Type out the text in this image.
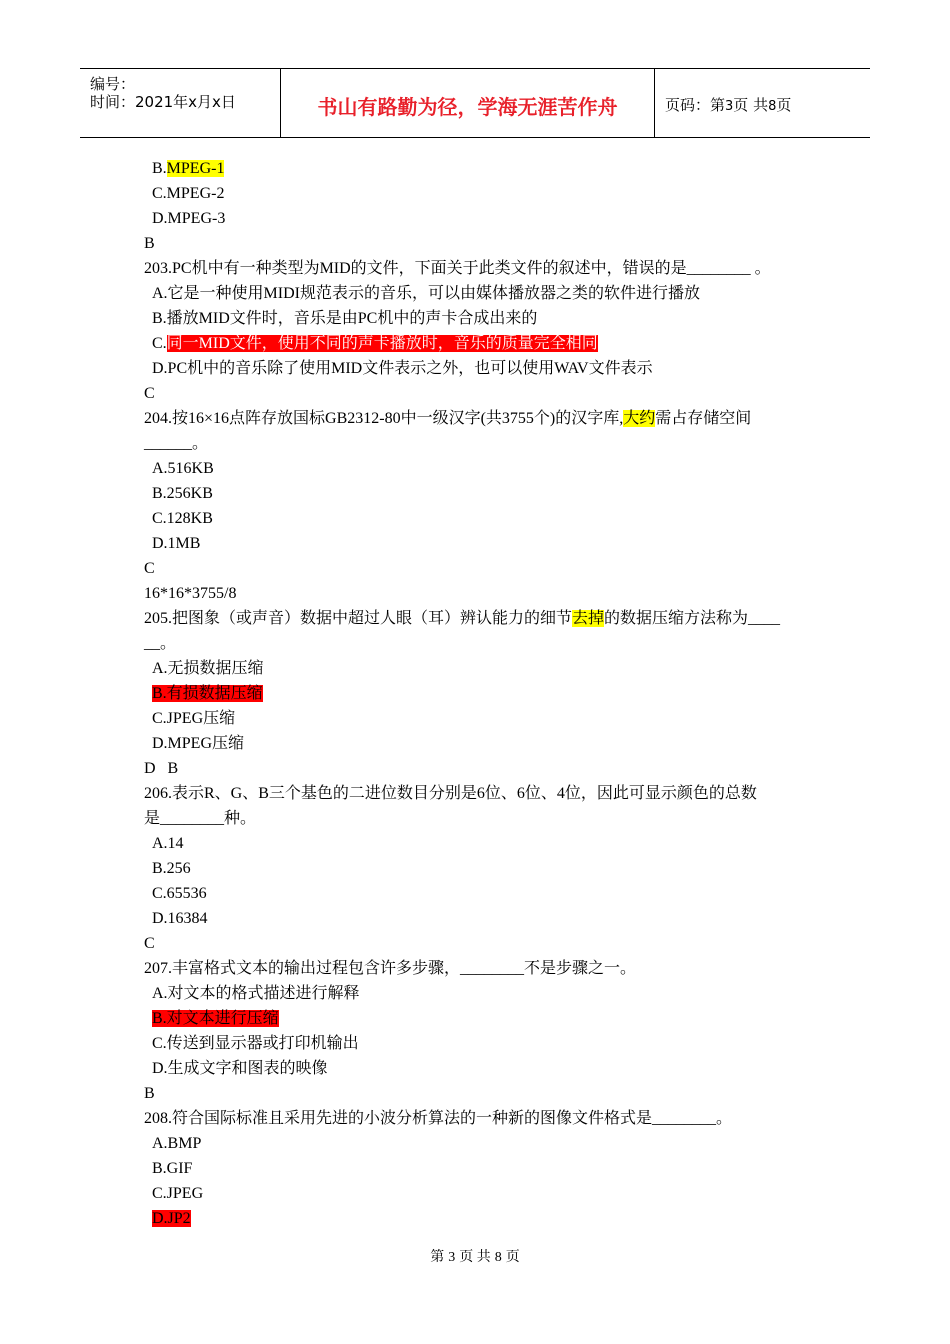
编号：
时间：2021年x月x日	书山有路勤为径，学海无涯苦作舟	页码：第3页 共8页
B.MPEG-1
C.MPEG-2
D.MPEG-3
B
203.PC机中有一种类型为MID的文件，下面关于此类文件的叙述中，错误的是________ 。
A.它是一种使用MIDI规范表示的音乐，可以由媒体播放器之类的软件进行播放
B.播放MID文件时，音乐是由PC机中的声卡合成出来的
C.同一MID文件，使用不同的声卡播放时，音乐的质量完全相同
D.PC机中的音乐除了使用MID文件表示之外，也可以使用WAV文件表示
C
204.按16×16点阵存放国标GB2312-80中一级汉字(共3755个)的汉字库,大约需占存储空间
______。
A.516KB
B.256KB
C.128KB
D.1MB
C
16*16*3755/8
205.把图象（或声音）数据中超过人眼（耳）辨认能力的细节去掉的数据压缩方法称为____
__。
A.无损数据压缩
B.有损数据压缩
C.JPEG压缩
D.MPEG压缩
D   B
206.表示R、G、B三个基色的二进位数目分别是6位、6位、4位，因此可显示颜色的总数
是________种。
A.14
B.256
C.65536
D.16384
C
207.丰富格式文本的输出过程包含许多步骤，________不是步骤之一。
A.对文本的格式描述进行解释
B.对文本进行压缩
C.传送到显示器或打印机输出
D.生成文字和图表的映像
B
208.符合国际标准且采用先进的小波分析算法的一种新的图像文件格式是________。
A.BMP
B.GIF
C.JPEG
D.JP2
第 3 页 共 8 页
